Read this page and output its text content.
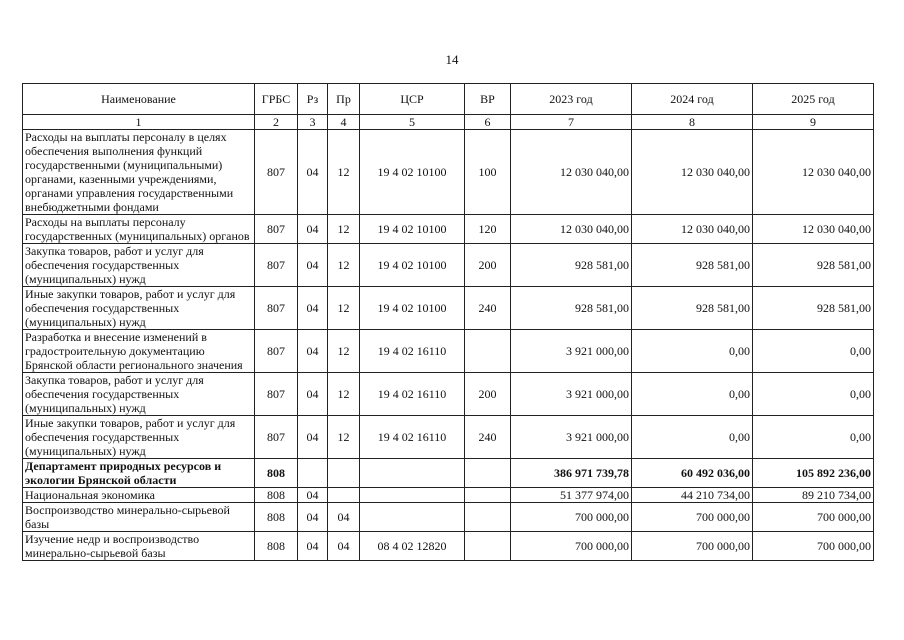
14
Наименование	ГРБС	Рз	Пр	ЦСР	ВР	2023 год	2024 год	2025 год
1	2	3	4	5	6	7	8	9
Расходы на выплаты персоналу в целях обеспечения выполнения функций государственными (муниципальными) органами, казенными учреждениями, органами управления государственными внебюджетными фондами	807	04	12	19 4 02 10100	100	12 030 040,00	12 030 040,00	12 030 040,00
Расходы на выплаты персоналу государственных (муниципальных) органов	807	04	12	19 4 02 10100	120	12 030 040,00	12 030 040,00	12 030 040,00
Закупка товаров, работ и услуг для обеспечения государственных (муниципальных) нужд	807	04	12	19 4 02 10100	200	928 581,00	928 581,00	928 581,00
Иные закупки товаров, работ и услуг для обеспечения государственных (муниципальных) нужд	807	04	12	19 4 02 10100	240	928 581,00	928 581,00	928 581,00
Разработка и внесение изменений в градостроительную документацию Брянской области регионального значения	807	04	12	19 4 02 16110		3 921 000,00	0,00	0,00
Закупка товаров, работ и услуг для обеспечения государственных (муниципальных) нужд	807	04	12	19 4 02 16110	200	3 921 000,00	0,00	0,00
Иные закупки товаров, работ и услуг для обеспечения государственных (муниципальных) нужд	807	04	12	19 4 02 16110	240	3 921 000,00	0,00	0,00
Департамент природных ресурсов и экологии Брянской области	808					386 971 739,78	60 492 036,00	105 892 236,00
Национальная экономика	808	04				51 377 974,00	44 210 734,00	89 210 734,00
Воспроизводство минерально-сырьевой базы	808	04	04			700 000,00	700 000,00	700 000,00
Изучение недр и воспроизводство минерально-сырьевой базы	808	04	04	08 4 02 12820		700 000,00	700 000,00	700 000,00
